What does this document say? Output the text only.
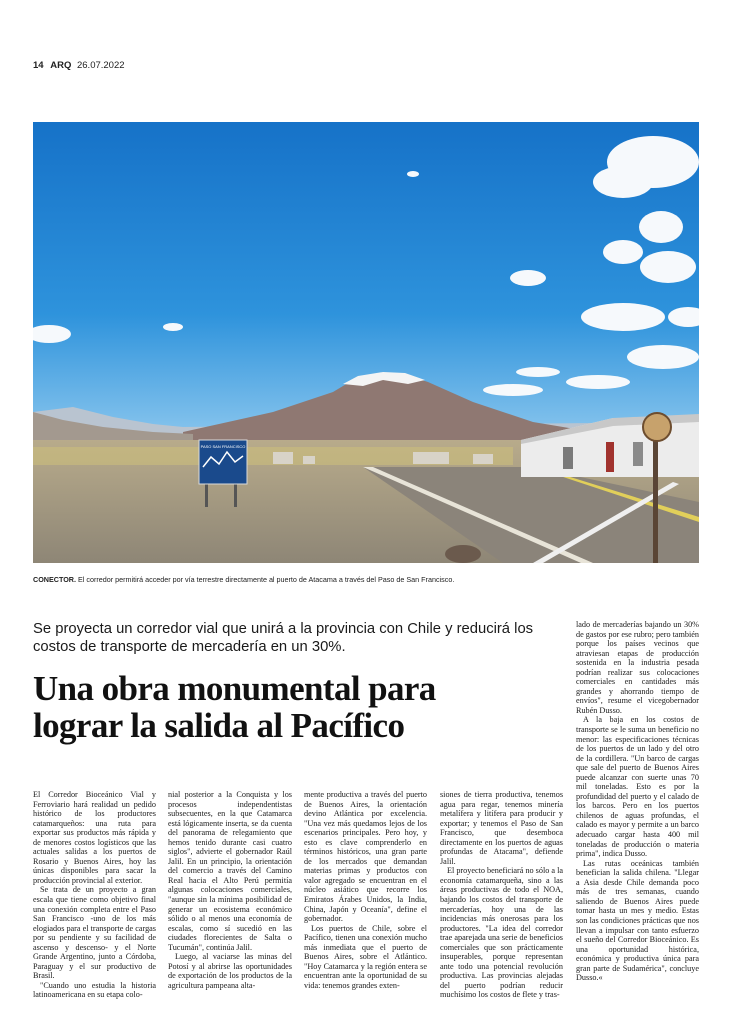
14 ARQ 26.07.2022
PASO SAN FRANCISCO
CONECTOR. El corredor permitirá acceder por vía terrestre directamente al puerto de Atacama a través del Paso de San Francisco.
Se proyecta un corredor vial que unirá a la provincia con Chile y reducirá los costos de transporte de mercadería en un 30%.
Una obra monumental para
lograr la salida al Pacífico

El Corredor Bioceánico Vial y Ferroviario hará realidad un pedido histórico de los productores catamarqueños: una ruta para exportar sus productos más rápida y de menores costos logísticos que las actuales salidas a los puertos de Rosario y Buenos Aires, hoy las únicas disponibles para sacar la producción provincial al exterior.

Se trata de un proyecto a gran escala que tiene como objetivo final una conexión completa entre el Paso San Francisco -uno de los más elogiados para el transporte de cargas por su pendiente y su facilidad de ascenso y descenso- y el Norte Grande Argentino, junto a Córdoba, Paraguay y el sur productivo de Brasil.

"Cuando uno estudia la historia latinoamericana en su etapa colo-

nial posterior a la Conquista y los procesos independentistas subsecuentes, en la que Catamarca está lógicamente inserta, se da cuenta del panorama de relegamiento que hemos tenido durante casi cuatro siglos", advierte el gobernador Raúl Jalil. En un principio, la orientación del comercio a través del Camino Real hacia el Alto Perú permitía algunas colocaciones comerciales, "aunque sin la mínima posibilidad de generar un ecosistema económico sólido o al menos una economía de escalas, como sí sucedió en las ciudades florecientes de Salta o Tucumán", continúa Jalil.

Luego, al vaciarse las minas del Potosí y al abrirse las oportunidades de exportación de los productos de la agricultura pampeana alta-

mente productiva a través del puerto de Buenos Aires, la orientación devino Atlántica por excelencia. "Una vez más quedamos lejos de los escenarios principales. Pero hoy, y esto es clave comprenderlo en términos históricos, una gran parte de los mercados que demandan materias primas y productos con valor agregado se encuentran en el núcleo asiático que recorre los Emiratos Árabes Unidos, la India, China, Japón y Oceanía", define el gobernador.

Los puertos de Chile, sobre el Pacífico, tienen una conexión mucho más inmediata que el puerto de Buenos Aires, sobre el Atlántico. "Hoy Catamarca y la región entera se encuentran ante la oportunidad de su vida: tenemos grandes exten-

siones de tierra productiva, tenemos agua para regar, tenemos minería metalífera y litífera para producir y exportar; y tenemos el Paso de San Francisco, que desemboca directamente en los puertos de aguas profundas de Atacama", defiende Jalil.

El proyecto beneficiará no sólo a la economía catamarqueña, sino a las áreas productivas de todo el NOA, bajando los costos del transporte de mercaderías, hoy una de las incidencias más onerosas para los productores. "La idea del corredor trae aparejada una serie de beneficios comerciales que son prácticamente insuperables, porque representan ante todo una potencial revolución productiva. Las provincias alejadas del puerto podrían reducir muchísimo los costos de flete y tras-

lado de mercaderías bajando un 30% de gastos por ese rubro; pero también porque los países vecinos que atraviesan etapas de producción sostenida en la industria pesada podrían realizar sus colocaciones comerciales en cantidades más grandes y ahorrando tiempo de envíos", resume el vicegobernador Rubén Dusso.

A la baja en los costos de transporte se le suma un beneficio no menor: las especificaciones técnicas de los puertos de un lado y del otro de la cordillera. "Un barco de cargas que sale del puerto de Buenos Aires puede alcanzar con suerte unas 70 mil toneladas. Esto es por la profundidad del puerto y el calado de los barcos. Pero en los puertos chilenos de aguas profundas, el calado es mayor y permite a un barco adecuado cargar hasta 400 mil toneladas de producción o materia prima", indica Dusso.

Las rutas oceánicas también benefician la salida chilena. "Llegar a Asia desde Chile demanda poco más de tres semanas, cuando saliendo de Buenos Aires puede tomar hasta un mes y medio. Estas son las condiciones prácticas que nos llevan a impulsar con tanto esfuerzo el sueño del Corredor Bioceánico. Es una oportunidad histórica, económica y productiva única para gran parte de Sudamérica", concluye Dusso.«
